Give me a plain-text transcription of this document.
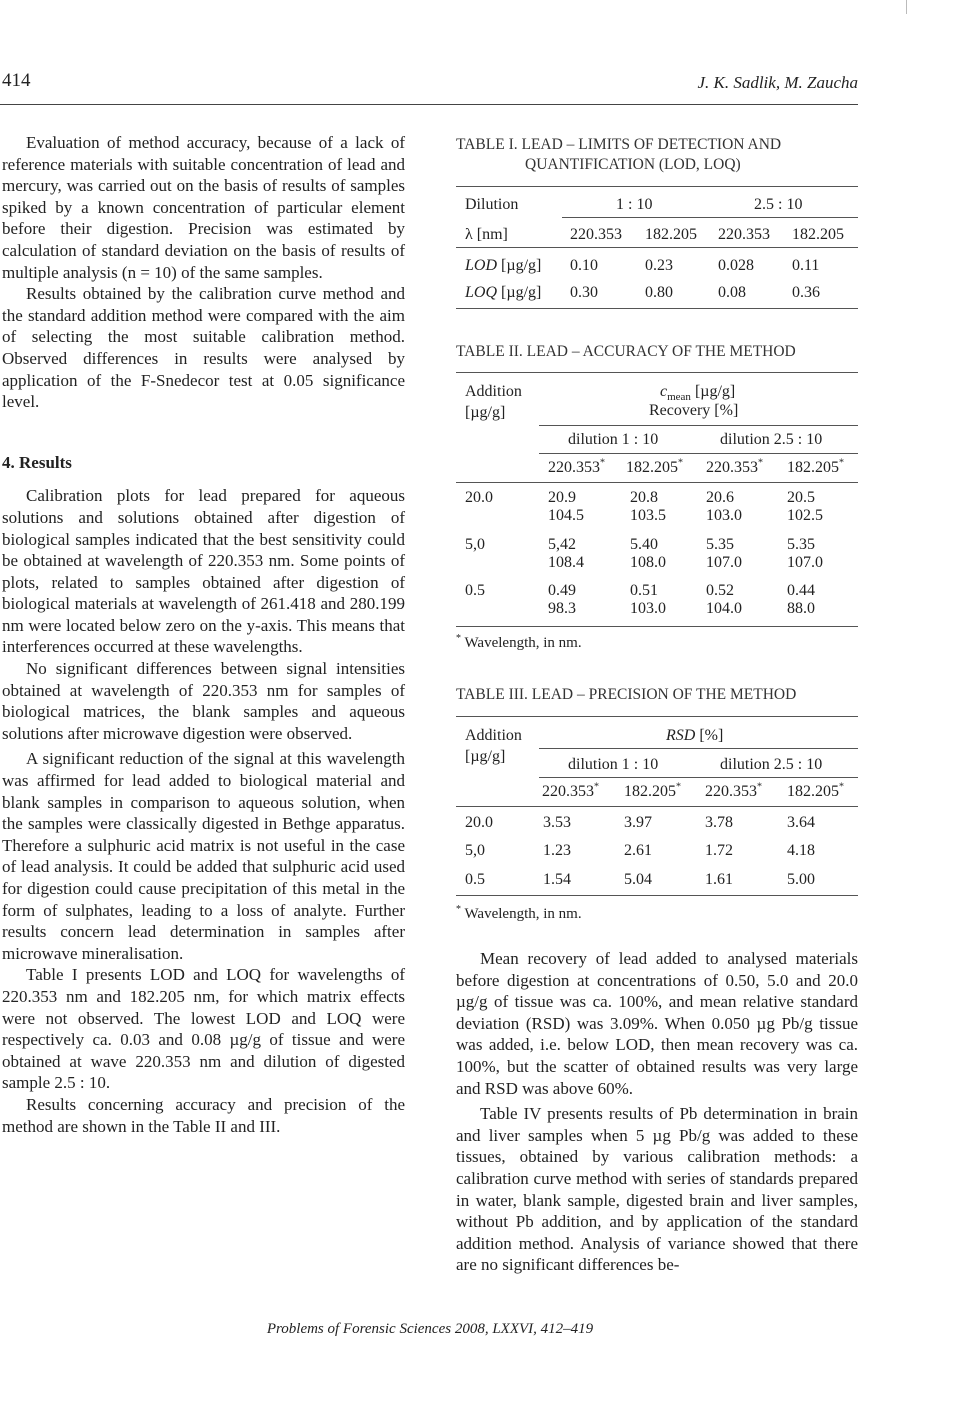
414	J. K. Sadlik, M. Zaucha

Evaluation of method accuracy, because of a lack of reference materials with suitable concentration of lead and mercury, was carried out on the basis of results of samples spiked by a known concentration of particular element before their digestion. Precision was estimated by calculation of standard deviation on the basis of results of multiple analysis (n = 10) of the same samples.

Results obtained by the calibration curve method and the standard addition method were compared with the aim of selecting the most suitable calibration method. Observed differences in results were analysed by application of the F-Snedecor test at 0.05 significance level.

4. Results

Calibration plots for lead prepared for aqueous solutions and solutions obtained after digestion of biological samples indicated that the best sensitivity could be obtained at wavelength of 220.353 nm. Some points of plots, related to samples obtained after digestion of biological materials at wavelength of 261.418 and 280.199 nm were located below zero on the y-axis. This means that interferences occurred at these wavelengths.

No significant differences between signal intensities obtained at wavelength of 220.353 nm for samples of biological matrices, the blank samples and aqueous solutions after microwave digestion were observed.

A significant reduction of the signal at this wavelength was affirmed for lead added to biological material and blank samples in comparison to aqueous solution, when the samples were classically digested in Bethge apparatus. Therefore a sulphuric acid matrix is not useful in the case of lead analysis. It could be added that sulphuric acid used for digestion could cause precipitation of this metal in the form of sulphates, leading to a loss of analyte. Further results concern lead determination in samples after microwave mineralisation.

Table I presents LOD and LOQ for wavelengths of 220.353 nm and 182.205 nm, for which matrix effects were not observed. The lowest LOD and LOQ were respectively ca. 0.03 and 0.08 µg/g of tissue and were obtained at wave 220.353 nm and dilution of digested sample 2.5 : 10.

Results concerning accuracy and precision of the method are shown in the Table II and III.

TABLE I. LEAD – LIMITS OF DETECTION AND
QUANTIFICATION (LOD, LOQ)
Dilution	1 : 10	2.5 : 10
λ [nm]	220.353 182.205 220.353 182.205
LOD [µg/g] 0.10	0.23	0.028 0.11
LOQ [µg/g] 0.30	0.80	0.08	0.36
TABLE II. LEAD – ACCURACY OF THE METHOD
Addition
[µg/g]
$c_{mean}$ [µg/g]
Recovery [%]
dilution 1 : 10	dilution 2.5 : 10
220.353* 182.205* 220.353* 182.205*
20.0	20.9	20.8	20.6	20.5
104.5	103.5	103.0	102.5
5,0	5,42	5.40	5.35	5.35
108.4	108.0	107.0	107.0
0.5	0.49	0.51	0.52	0.44
98.3	103.0	104.0	88.0
* Wavelength, in nm.
TABLE III. LEAD – PRECISION OF THE METHOD
Addition
[µg/g]
RSD [%]
dilution 1 : 10	dilution 2.5 : 10
220.353* 182.205* 220.353* 182.205*
20.0	3.53	3.97	3.78	3.64
5,0	1.23	2.61	1.72	4.18
0.5	1.54	5.04	1.61	5.00
* Wavelength, in nm.

Mean recovery of lead added to analysed materials before digestion at concentrations of 0.50, 5.0 and 20.0 µg/g of tissue was ca. 100%, and mean relative standard deviation (RSD) was 3.09%. When 0.050 µg Pb/g tissue was added, i.e. below LOD, then mean recovery was ca. 100%, but the scatter of obtained results was very large and RSD was above 60%.

Table IV presents results of Pb determination in brain and liver samples when 5 µg Pb/g was added to these tissues, obtained by various calibration methods: a calibration curve method with series of standards prepared in water, blank sample, digested brain and liver samples, without Pb addition, and by application of the standard addition method. Analysis of variance showed that there are no significant differences be-

Problems of Forensic Sciences 2008, LXXVI, 412–419
